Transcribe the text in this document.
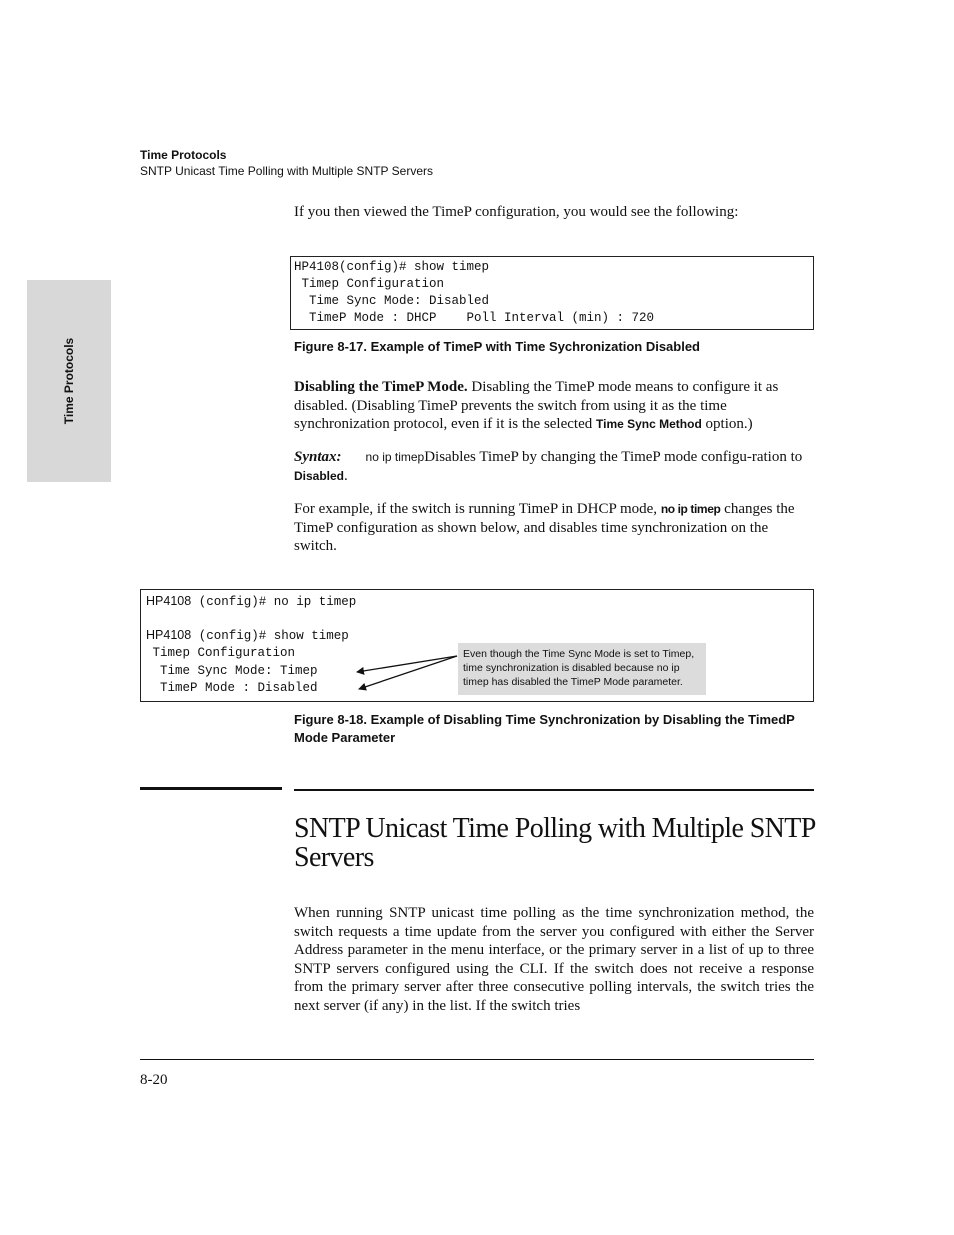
Time Protocols
SNTP Unicast Time Polling with Multiple SNTP Servers
Time Protocols
If you then viewed the TimeP configuration, you would see the following:
HP4108(config)# show timep
Timep Configuration
Time Sync Mode: Disabled
TimeP Mode : DHCP    Poll Interval (min) : 720
Figure 8-17. Example of TimeP with Time Sychronization Disabled
Disabling the TimeP Mode. Disabling the TimeP mode means to configure it as disabled. (Disabling TimeP prevents the switch from using it as the time synchronization protocol, even if it is the selected Time Sync Method option.)
Syntax: no ip timepDisables TimeP by changing the TimeP mode configu-ration to Disabled.
For example, if the switch is running TimeP in DHCP mode, no ip timep changes the TimeP configuration as shown below, and disables time synchronization on the switch.
HP4108 (config)# no ip timep
HP4108 (config)# show timep
Timep Configuration
Time Sync Mode: Timep
TimeP Mode : Disabled
Even though the Time Sync Mode is set to Timep, time synchronization is disabled because no ip timep has disabled the TimeP Mode parameter.
Figure 8-18. Example of Disabling Time Synchronization by Disabling the TimedP Mode Parameter
SNTP Unicast Time Polling with Multiple SNTP Servers
When running SNTP unicast time polling as the time synchronization method, the switch requests a time update from the server you configured with either the Server Address parameter in the menu interface, or the primary server in a list of up to three SNTP servers configured using the CLI. If the switch does not receive a response from the primary server after three consecutive polling intervals, the switch tries the next server (if any) in the list. If the switch tries
8-20
